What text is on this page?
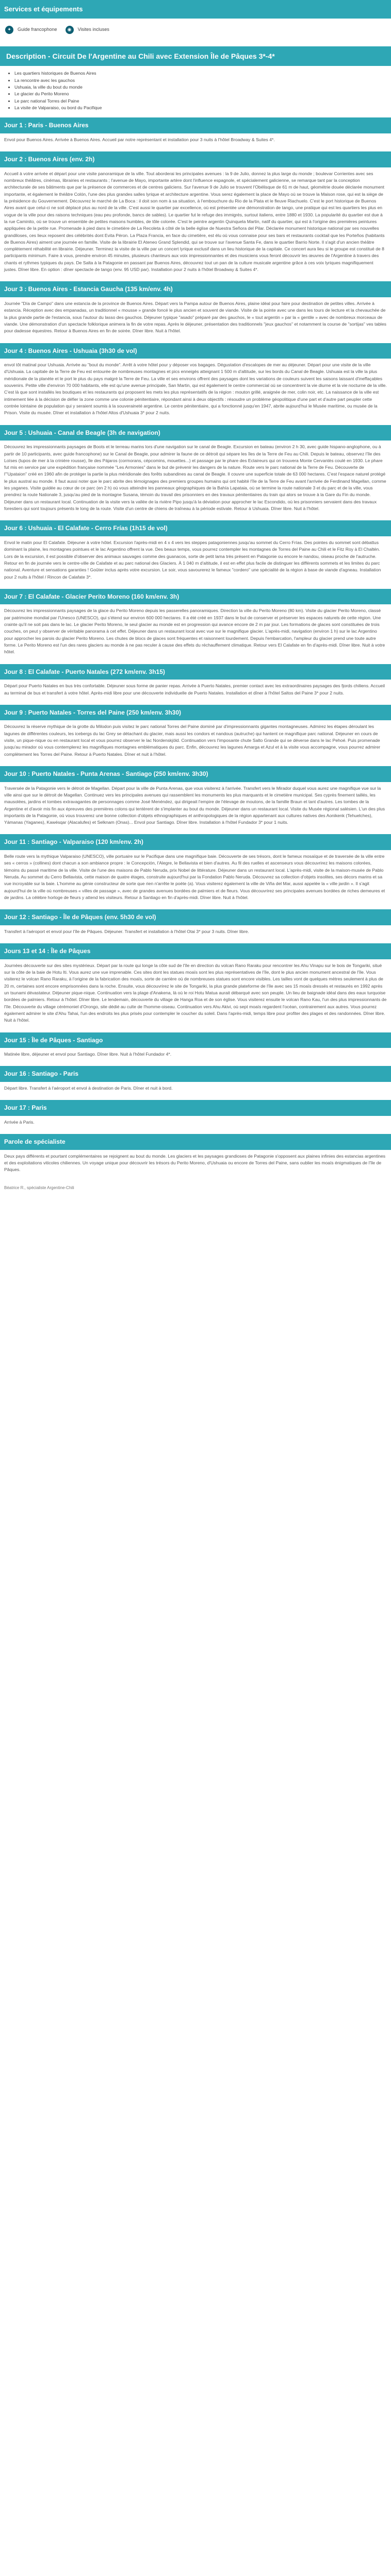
Services et équipements
✦	Guide francophone	◉	Visites incluses
Description - Circuit De l'Argentine au Chili avec Extension Île de Pâques 3*-4*
• Les quartiers historiques de Buenos Aires
• La rencontre avec les gauchos
• Ushuaia, la ville du bout du monde
• Le glacier du Perito Moreno
• Le parc national Torres del Paine
• La visite de Valparaiso, ou bord du Pacifique
Jour 1 : Paris - Buenos Aires
Envol pour Buenos Aires. Arrivée à Buenos Aires. Accueil par notre représentant et installation pour 3 nuits à l'hôtel Broadway & Suites 4*.
Jour 2 : Buenos Aires (env. 2h)
Accueil à votre arrivée et départ pour une visite panoramique de la ville. Tout aborderai les principales avenues : la 9 de Julio, donnez la plus large du monde ; boulevar Corrientes avec ses nombreux théâtres, cinémas, librairies et restaurants ; l'avenue de Mayo, importante artère dont l'influence espagnole, et spécialement galicienne, se remarque tant par la conception architecturale de ses bâtiments que par la présence de commerces et de centres galiciens. Sur l'avenue 9 de Julio se trouvent l'Obélisque de 61 m de haut, géométrie douée déclarée monument importante, et également le théâtre Colón, l'une des plus grandes salles lyrique et architecture argentine. Vous serez également la place de Mayo où se trouve la Maison rose, qui est la siège de la présidence du Gouvernement. Découvrez le marché de La Boca : il doit son nom à sa situation, à l'embouchure du Rio de la Plata et le fleuve Riachuelo. C'est le port historique de Buenos Aires avant que celui-ci ne soit déplacé plus au nord de la ville. C'est aussi le quartier par excellence, où est présentée une démonstration de tango, une pratique qui est les quartiers les plus en vogue de la ville pour des raisons techniques (eau peu profonde, bancs de sables). Le quartier fut le refuge des immigrés, surtout italiens, entre 1880 et 1930. La popularité du quartier est due à la rue Caminito, où se trouve un ensemble de petites maisons humbles, de tôle colorée. C'est le peintre argentin Quinquela Martin, natif du quartier, qui est à l'origine des premières peintures appliquées de la petite rue. Promenade à pied dans le cimetière de La Recoleta à côté de la belle église de Nuestra Señora del Pilar. Déclarée monument historique national par ses nouvelles grandiloses, ces lieux reposent des célébrités dont Evita Péron. La Plaza Francia, en face du cimetière, est élu où vous connaise pour ses bars et restaurants cocktail que les Porteños (habitants de Buenos Aires) aiment une journée en famille. Visite de la librairie El Ateneo Grand Splendid, qui se trouve sur l'avenue Santa Fe, dans le quartier Barrio Norte. Il s'agit d'un ancien théâtre complètement réhabilité en librairie. Déjeuner. Terminez la visite de la ville par un concert lyrique exclusif dans un lieu historique de la capitale. Ce concert aura lieu si le groupe est constitué de 8 participants minimum. Faire à vous, prendre environ 45 minutes, plusieurs chanteurs aux voix impressionnantes et des musiciens vous feront découvrir les œuvres de l'Argentine à travers des chants et rythmes typiques du pays. De Salta à la Patagonie en passant par Buenos Aires, découvrez tout un pan de la culture musicale argentine grâce à ces voix lyriques magnifiquement justes. Dîner libre. En option : dîner spectacle de tango (env. 95 USD par). Installation pour 2 nuits à l'hôtel Broadway & Suites 4*.
Jour 3 : Buenos Aires - Estancia Gaucha (135 km/env. 4h)
Journée "Día de Campo" dans une estancia de la province de Buenos Aires. Départ vers la Pampa autour de Buenos Aires, plaine idéal pour faire pour destination de petites villes. Arrivée à estancia. Réception avec des empanadas, un traditionnel « mousse » grande foncé le plus ancien et souvent de viande. Visite de la pointe avec une dans les tours de lecture et la chevauchée de la plus grande partie de l'estancia, sous l'autour du lasso des gauchos. Déjeuner typique "asado" préparé par des gauchos, le « tout argentin » par la « gentile » avec de nombreux morceaux de viande. Une démonstration d'un spectacle folklorique animera la fin de votre repas. Après le déjeuner, présentation des traditionnels "jeux gauchos" et notamment la course de "sortijas" ves tables pour dadesse équestres. Retour à Buenos Aires en fin de soirée. Dîner libre. Nuit à l'hôtel.
Jour 4 : Buenos Aires - Ushuaia (3h30 de vol)
envol tôt matinal pour Ushuaia. Arrivée au "bout du monde". Arrêt à votre hôtel pour y déposer vos bagages. Dégustation d'escalopes de mer au déjeuner. Départ pour une visite de la ville d'Ushuaia. La capitale de la Terre de Feu est entourée de nombreuses montagnes et pics enneigés atteignant 1 500 m d'altitude, sur les bords du Canal de Beagle. Ushuaia est la ville la plus méridionale de la planète et le port le plus du pays malgré la Terre de Feu. La ville et ses environs offrent des paysages dont les variations de couleurs suivent les saisons laissant d'ineffaçables souvenirs. Petite ville d'environ 70 000 habitants, elle est qu'une avenue principale, San Martin, qui est également le centre commercial où se concentrent la vie diurne et la vie nocturne de la ville. C'est là que sont installés les boutiques et les restaurants qui proposent les mets les plus représentatifs de la région : mouton grillé, araignée de mer, colin noir, etc. La naissance de la ville est intimement liée à la décision de défier la zone comme une colonie pénitentiaire, répondant ainsi à deux objectifs : résoudre un problème géopolitique d'une part et d'autre part peupler cette contrée lointaine de population qui y seraient soumis à la souveraineté argentine. Le centre pénitentiaire, qui a fonctionné jusqu'en 1947, abrite aujourd'hui le Musée maritime, ou musée de la Prison. Visite du musée. Dîner et installation à l'hôtel Altos d'Ushuaia 3* pour 2 nuits.
Jour 5 : Ushuaia - Canal de Beagle (3h de navigation)
Découvrez les impressionnants paysages de Boots et le terreau marins lors d'une navigation sur le canal de Beagle. Excursion en bateau (environ 2 h 30, avec guide hispano-anglophone, ou à partir de 10 participants, avec guide francophone) sur le Canal de Beagle, pour admirer la faune de ce détroit qui sépare les îles de la Terre de Feu au Chili. Depuis le bateau, observez l'île des Loïses (lupos de mer à la crinière rousse), île des Pájaros (cormorans, cépcomins, mouettes...) et passage par le phare des Eclaireurs qui on trouvera Monte Cervantès coulé en 1930. Le phare fut mis en service par une expédition française nommée "Les Armonies" dans le but de prévenir les dangers de la nature. Route vers le parc national de la Terre de Feu. Découverte de l'"Upataion" créé en 1960 afin de protéger la partie la plus méridionale des forêts subandines au canal de Beagle. Il couvre une superficie totale de 63 000 hectares. C'est l'espace naturel protégé le plus austral au monde. Il faut aussi noter que le parc abrite des témoignages des premiers groupes humains qui ont habité l'île de la Terre de Feu avant l'arrivée de Ferdinand Magellan, comme les yaganes. Visite guidée au cœur de ce parc (en 2 h) où vous atteindre les panneaux géographiques de la Bahía Lapataia, où se termine la route nationale 3 et du parc et de la ville, vous prendrez la route Nationale 3, jusqu'au pied de la montagne Susana, témoin du travail des prisonniers en des travaux pénitentiaires du train qui alors se trouve à la Gare du Fin du monde. Déjeuner dans un restaurant local. Continuation de la visite vers la vallée de la rivière Pipo jusqu'à la déviation pour approcher le lac Escondido, où les prisonniers servaient dans des travaux forestiers qui sont toujours présents le long de la route. Visite d'un centre de chiens de traîneau à la période estivale. Retour à Ushuaia. Dîner libre. Nuit à l'hôtel.
Jour 6 : Ushuaia - El Calafate - Cerro Frías (1h15 de vol)
Envol le matin pour El Calafate. Déjeuner à votre hôtel. Excursion l'après-midi en 4 x 4 vers les steppes patagoniennes jusqu'au sommet du Cerro Frías. Des pointes du sommet sont débattus dominant la plaine, les montagnes pointues et le lac Argentino offrent la vue. Des beaux temps, vous pourrez contempler les montagnes de Torres del Paine au Chili et le Fitz Roy à El Chaltén. Lors de la excursion, il est possible d'observer des animaux sauvages comme des guanacos, sorte de petit lama très présent en Patagonie ou encore le nandou, oiseau proche de l'autruche. Retour en fin de journée vers le centre-ville de Calafate et au parc national des Glaciers. À 1 040 m d'altitude, il est en effet plus facile de distinguer les différents sommets et les limites du parc national. Aventure et sensations garanties ! Goûter inclus après votre excursion. Le soir, vous savourerez le fameux "cordero" une spécialité de la région à base de viande d'agneau. Installation pour 2 nuits à l'hôtel / Rincon de Calafate 3*.
Jour 7 : El Calafate - Glacier Perito Moreno (160 km/env. 3h)
Découvrez les impressionnants paysages de la glace du Perito Moreno depuis les passerelles panoramiques. Direction la ville du Perito Moreno (80 km). Visite du glacier Perito Moreno, classé par patrimoine mondial par l'Unesco (UNESCO), qui s'étend sur environ 600 000 hectares. Il a été créé en 1937 dans le but de conserver et préserver les espaces naturels de cette région. Une crainte qu'il ne soit pas dans le lac. Le glacier Perito Moreno, le seul glacier au monde est en progression qui avance encore de 2 m par jour. Les formations de glaces sont constituées de trois couches, on peut y observer de véritable panorama à cet effet. Déjeuner dans un restaurant local avec vue sur le magnifique glacier. L'après-midi, navigation (environ 1 h) sur le lac Argentino pour approcher les parois du glacier Perito Moreno. Les chutes de blocs de glaces sont fréquentes et raisonnent lourdement. Depuis l'embarcation, l'ampleur du glacier prend une toute autre forme. Le Perito Moreno est l'un des rares glaciers au monde à ne pas reculer à cause des effets du réchauffement climatique. Retour vers El Calafate en fin d'après-midi. Dîner libre. Nuit à votre hôtel.
Jour 8 : El Calafate - Puerto Natales (272 km/env. 3h15)
Départ pour Puerto Natales en bus très confortable. Déjeuner sous forme de panier repas. Arrivée à Puerto Natales, premier contact avec les extraordinaires paysages des fjords chiliens. Accueil au terminal de bus et transfert à votre hôtel. Après-midi libre pour une découverte individuelle de Puerto Natales. Installation et dîner à l'hôtel Saltos del Paine 3* pour 2 nuits.
Jour 9 : Puerto Natales - Torres del Paine (250 km/env. 3h30)
Découvrez la réserve mythique de la grotte du Milodon puis visitez le parc national Torres del Paine dominé par d'impressionnants gigantes montagneuses. Admirez les étapes déroulant les lagunes de différentes couleurs, les icebergs du lac Grey se détachant du glacier, mais aussi les condors et nandous (autruche) qui hantent ce magnifique parc national. Déjeuner en cours de visite, un pique-nique ou en restaurant local et vous pourrez observer le lac Nordenskjöld. Continuation vers l'imposante chute Salto Grande qui se déverse dans le lac Pehoé. Puis promenade jusqu'au mirador où vous contemplerez les magnifiques montagnes emblématiques du parc. Enfin, découvrez les lagunes Amarga et Azul et à la visite vous accompagne, vous pourrez admirer complètement les Torres del Paine. Retour à Puerto Natales. Dîner et nuit à l'hôtel.
Jour 10 : Puerto Natales - Punta Arenas - Santiago (250 km/env. 3h30)
Traversée de la Patagonie vers le détroit de Magellan. Départ pour la ville de Punta Arenas, que vous visiterez à l'arrivée. Transfert vers le Mirador duquel vous aurez une magnifique vue sur la ville ainsi que sur le détroit de Magellan. Continuez vers les principales avenues qui rassemblent les monuments les plus marquants et le cimetière municipal. Ses cyprès finement taillés, les mausolées, jardins et tombes extravagantes de personnages comme José Menéndez, qui dirigeait l'empire de l'élevage de moutons, de la famille Braun et tant d'autres. Les tombes de la Argentine et d'avoir mis fin aux épreuves des premières colons qui tentèrent de s'implanter au bout du monde. Déjeuner dans un restaurant local. Visite du Musée régional salésien. L'un des plus importants de la Patagonie, où vous trouverez une bonne collection d'objets ethnographiques et anthropologiques de la région appartenant aux cultures natives des Aonikenk (Tehuelches), Yámanas (Yaganes), Kawésqar (Alacalufes) et Selknam (Onas)... Envol pour Santiago. Dîner libre. Installation à l'hôtel Fundador 3* pour 1 nuits.
Jour 11 : Santiago - Valparaiso (120 km/env. 2h)
Belle route vers la mythique Valparaiso (UNESCO), ville portuaire sur le Pacifique dans une magnifique baie. Découverte de ses trésors, dont le fameux mosaïque et de traversée de la ville entre ses « cerros » (collines) dont chacun a son ambiance propre : le Concepción, l'Alegre, le Bellavista et bien d'autres. Au fil des ruelles et ascenseurs vous découvrirez les maisons colorées, témoins du passé maritime de la ville. Visite de l'une des maisons de Pablo Neruda, prix Nobel de littérature. Déjeuner dans un restaurant local. L'après-midi, visite de la maison-musée de Pablo Neruda. Au sommet du Cerro Bellavista, cette maison de quatre étages, construite aujourd'hui par la Fondation Pablo Neruda. Découvrez sa collection d'objets insolites, ses décors marins et sa vue incroyable sur la baie. L'homme au génie constructeur de sorte que rien n'arrête le poète (a). Vous visiterez également la ville de Viña del Mar, aussi appelée la « ville jardin ». Il s'agit aujourd'hui de la ville où nombreuses « villes de passage », avec de grandes avenues bordées de palmiers et de fleurs. Vous découvrirez ses principales avenues bordées de riches demeures et de jardins. La célèbre horloge de fleurs y attend les visiteurs. Retour à Santiago en fin d'après-midi. Dîner libre. Nuit à l'hôtel.
Jour 12 : Santiago - Île de Pâques (env. 5h30 de vol)
Transfert à l'aéroport et envol pour l'île de Pâques. Déjeuner. Transfert et installation à l'hôtel Otai 3* pour 3 nuits. Dîner libre.
Jours 13 et 14 : Île de Pâques
Journées découverte sur des sites mystérieux. Départ par la route qui longe la côte sud de l'île en direction du volcan Rano Raraku pour rencontrer les Ahu Vinapu sur le bois de Tongariki, situé sur la côte de la baie de Hotu Iti. Vous aurez une vue imprenable. Ces sites dont les statues moaïs sont les plus représentatives de l'île, dont le plus ancien monument ancestral de l'île. Vous visiterez le volcan Rano Raraku, à l'origine de la fabrication des moaïs, sorte de carrière où de nombreuses statues sont encore visibles. Les tailles vont de quelques mètres seulement à plus de 20 m, certaines sont encore emprisonnées dans la roche. Ensuite, vous découvrirez le site de Tongariki, la plus grande plateforme de l'île avec ses 15 moaïs dressés et restaurés en 1992 après un tsunami dévastateur. Déjeuner pique-nique. Continuation vers la plage d'Anakena, là où le roi Hotu Matua aurait débarqué avec son peuple. Un lieu de baignade idéal dans des eaux turquoise bordées de palmiers. Retour à l'hôtel. Dîner libre. Le lendemain, découverte du village de Hanga Roa et de son église. Vous visiterez ensuite le volcan Rano Kau, l'un des plus impressionnants de l'île. Découverte du village cérémoniel d'Orongo, site dédié au culte de l'homme-oiseau. Continuation vers Ahu Akivi, où sept moaïs regardent l'océan, contrairement aux autres. Vous pourrez également admirer le site d'Ahu Tahai, l'un des endroits les plus prisés pour contempler le coucher du soleil. Dans l'après-midi, temps libre pour profiter des plages et des randonnées. Dîner libre. Nuit à l'hôtel.
Jour 15 : Île de Pâques - Santiago
Matinée libre, déjeuner et envol pour Santiago. Dîner libre. Nuit à l'hôtel Fundador 4*.
Jour 16 : Santiago - Paris
Départ libre. Transfert à l'aéroport et envol à destination de Paris. Dîner et nuit à bord.
Jour 17 : Paris
Arrivée à Paris.
Parole de spécialiste
Deux pays différents et pourtant complémentaires se rejoignent au bout du monde. Les glaciers et les paysages grandioses de Patagonie s'opposent aux plaines infinies des estancias argentines et des exploitations viticoles chiliennes. Un voyage unique pour découvrir les trésors du Perito Moreno, d'Ushuaia ou encore de Torres del Paine, sans oublier les moaïs énigmatiques de l'île de Pâques.
Béatrice R., spécialiste Argentine-Chili
